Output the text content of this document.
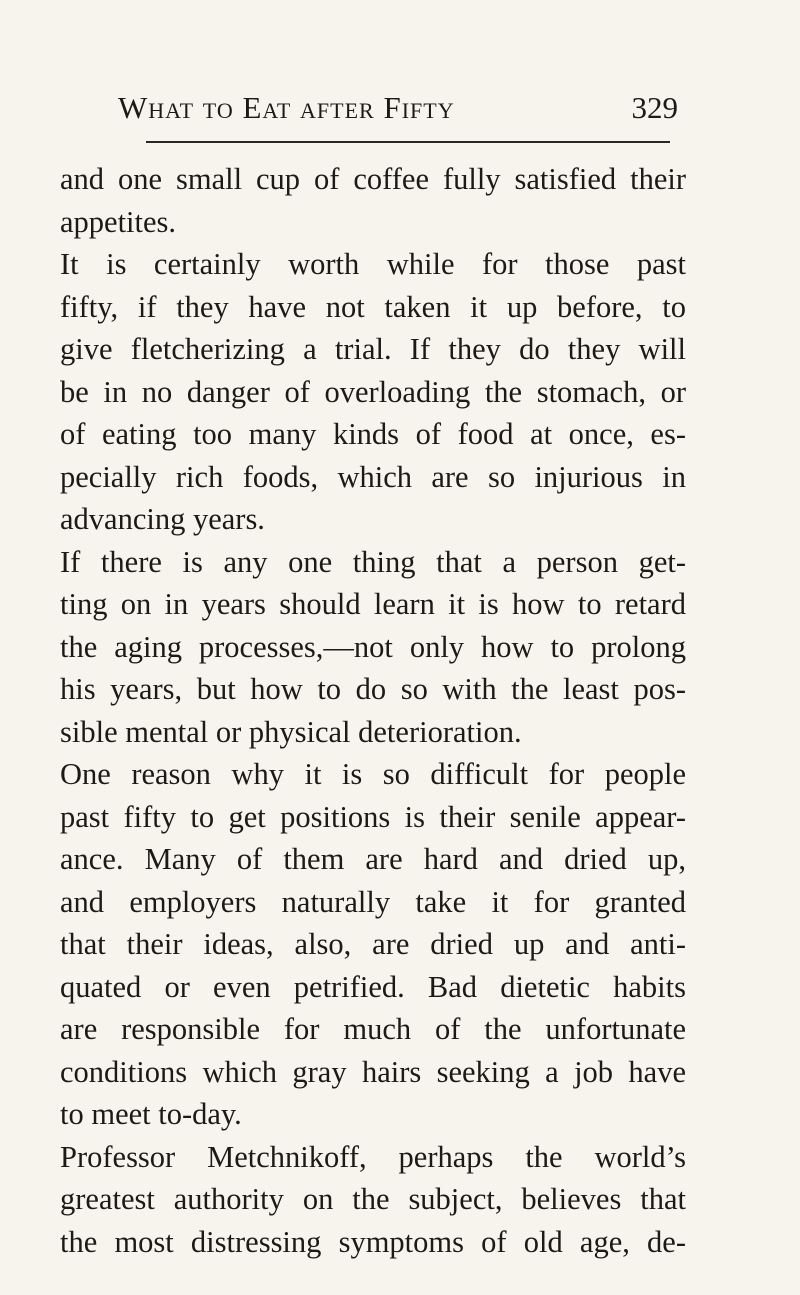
What to Eat after Fifty	329
and one small cup of coffee fully satisfied their
appetites.
It is certainly worth while for those past
fifty, if they have not taken it up before, to
give fletcherizing a trial. If they do they will
be in no danger of overloading the stomach, or
of eating too many kinds of food at once, es-
pecially rich foods, which are so injurious in
advancing years.
If there is any one thing that a person get-
ting on in years should learn it is how to retard
the aging processes,—not only how to prolong
his years, but how to do so with the least pos-
sible mental or physical deterioration.
One reason why it is so difficult for people
past fifty to get positions is their senile appear-
ance. Many of them are hard and dried up,
and employers naturally take it for granted
that their ideas, also, are dried up and anti-
quated or even petrified. Bad dietetic habits
are responsible for much of the unfortunate
conditions which gray hairs seeking a job have
to meet to-day.
Professor Metchnikoff, perhaps the world’s
greatest authority on the subject, believes that
the most distressing symptoms of old age, de-
